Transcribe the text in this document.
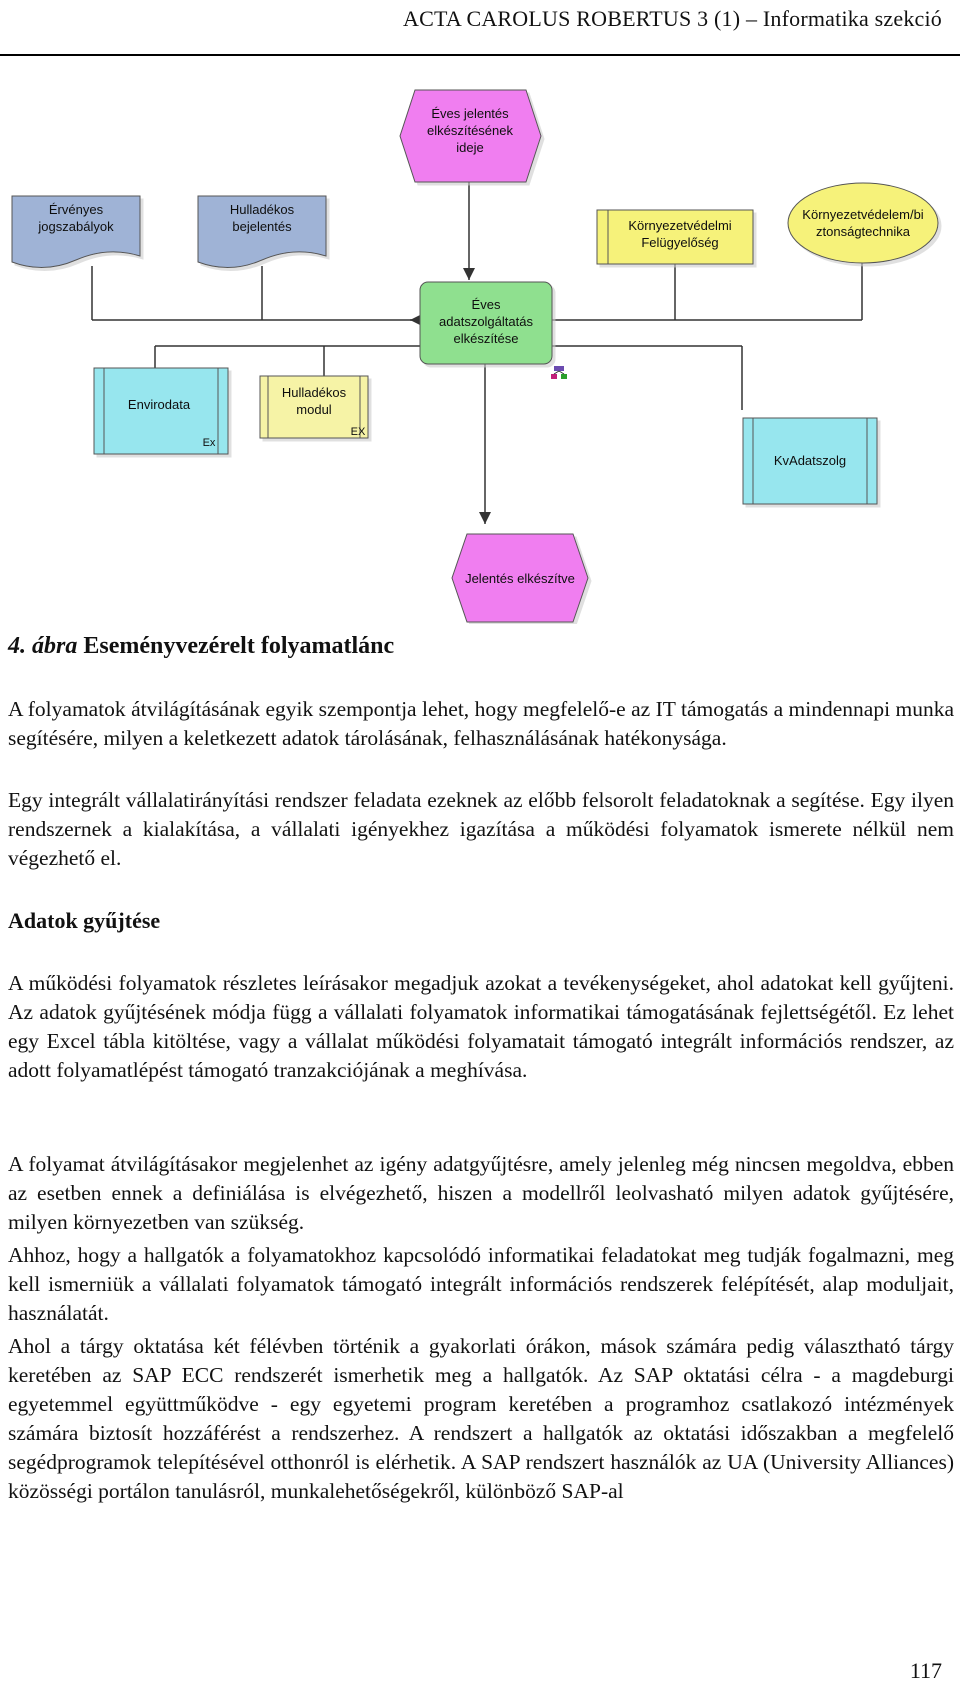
ACTA CAROLUS ROBERTUS 3 (1) – Informatika szekció
Éves jelentés elkészítésének ideje
Érvényes jogszabályok
Hulladékos bejelentés	Környezetvédelmi Felügyelőség
Környezetvédelem/bi ztonságtechnika
Éves adatszolgáltatás elkészítése
Envirodata
Ex
Hulladékos modul
EX
KvAdatszolg
Jelentés elkészítve
4. ábra Eseményvezérelt folyamatlánc

A folyamatok átvilágításának egyik szempontja lehet, hogy megfelelő-e az IT támogatás a mindennapi munka segítésére, milyen a keletkezett adatok tárolásának, felhasználásának hatékonysága.

Egy integrált vállalatirányítási rendszer feladata ezeknek az előbb felsorolt feladatoknak a segítése. Egy ilyen rendszernek a kialakítása, a vállalati igényekhez igazítása a működési folyamatok ismerete nélkül nem végezhető el.

Adatok gyűjtése

A működési folyamatok részletes leírásakor megadjuk azokat a tevékenységeket, ahol adatokat kell gyűjteni. Az adatok gyűjtésének módja függ a vállalati folyamatok informatikai támogatásának fejlettségétől. Ez lehet egy Excel tábla kitöltése, vagy a vállalat működési folyamatait támogató integrált információs rendszer, az adott folyamatlépést támogató tranzakciójának a meghívása.

A folyamat átvilágításakor megjelenhet az igény adatgyűjtésre, amely jelenleg még nincsen megoldva, ebben az esetben ennek a definiálása is elvégezhető, hiszen a modellről leolvasható milyen adatok gyűjtésére, milyen környezetben van szükség.

Ahhoz, hogy a hallgatók a folyamatokhoz kapcsolódó informatikai feladatokat meg tudják fogalmazni, meg kell ismerniük a vállalati folyamatok támogató integrált információs rendszerek felépítését, alap moduljait, használatát.

Ahol a tárgy oktatása két félévben történik a gyakorlati órákon, mások számára pedig választható tárgy keretében az SAP ECC rendszerét ismerhetik meg a hallgatók. Az SAP oktatási célra - a magdeburgi egyetemmel együttműködve - egy egyetemi program keretében a programhoz csatlakozó intézmények számára biztosít hozzáférést a rendszerhez. A rendszert a hallgatók az oktatási időszakban a megfelelő segédprogramok telepítésével otthonról is elérhetik. A SAP rendszert használók az UA (University Alliances) közösségi portálon tanulásról, munkalehetőségekről, különböző SAP-al

117
